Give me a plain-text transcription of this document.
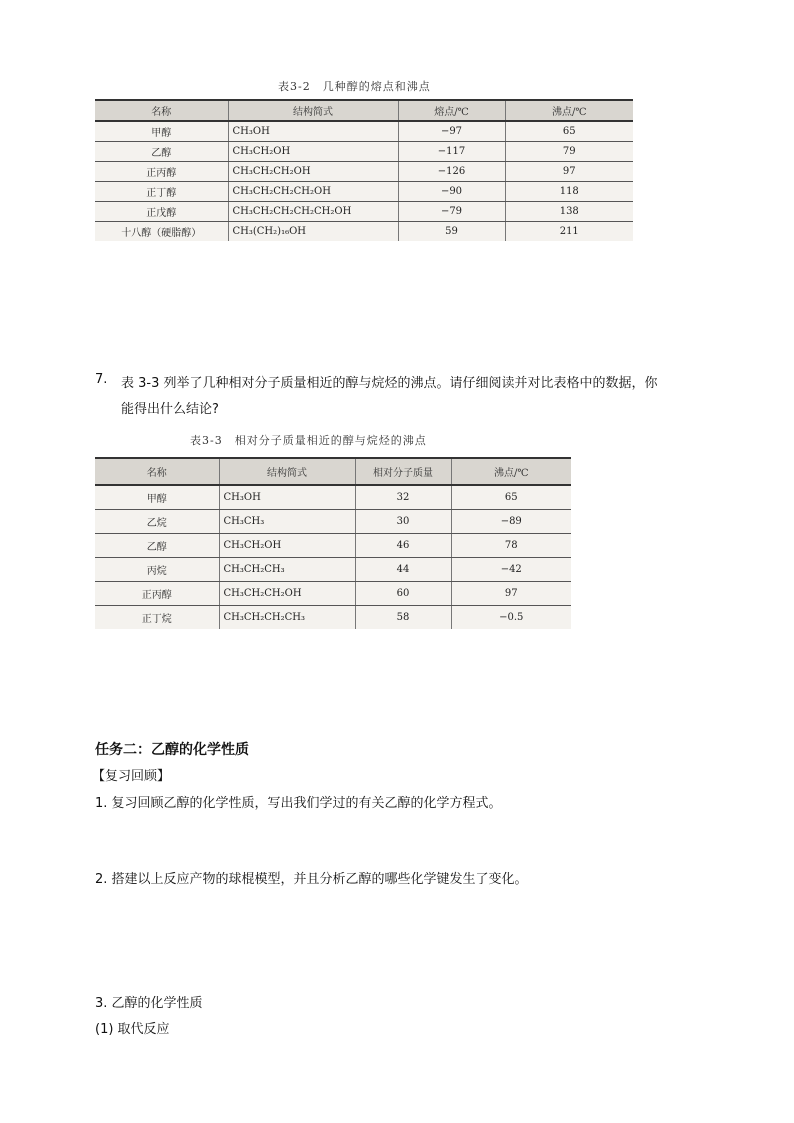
表3-2　几种醇的熔点和沸点
名称	结构简式	熔点/℃	沸点/℃
甲醇	CH₃OH	−97	65
乙醇	CH₃CH₂OH	−117	79
正丙醇	CH₃CH₂CH₂OH	−126	97
正丁醇	CH₃CH₂CH₂CH₂OH	−90	118
正戊醇	CH₃CH₂CH₂CH₂CH₂OH	−79	138
十八醇（硬脂醇）	CH₃(CH₂)₁₆OH	59	211
7. 表 3-3 列举了几种相对分子质量相近的醇与烷烃的沸点。请仔细阅读并对比表格中的数据，你
能得出什么结论?
表3-3　相对分子质量相近的醇与烷烃的沸点
名称	结构简式	相对分子质量	沸点/℃
甲醇	CH₃OH	32	65
乙烷	CH₃CH₃	30	−89
乙醇	CH₃CH₂OH	46	78
丙烷	CH₃CH₂CH₃	44	−42
正丙醇	CH₃CH₂CH₂OH	60	97
正丁烷	CH₃CH₂CH₂CH₃	58	−0.5
任务二：乙醇的化学性质
【复习回顾】
1. 复习回顾乙醇的化学性质，写出我们学过的有关乙醇的化学方程式。
2. 搭建以上反应产物的球棍模型，并且分析乙醇的哪些化学键发生了变化。
3. 乙醇的化学性质
(1) 取代反应
